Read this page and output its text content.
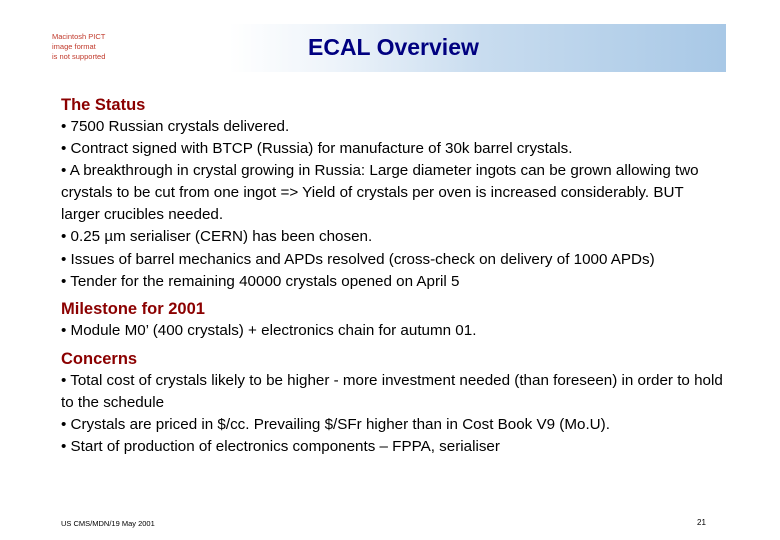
Macintosh PICT
image format
is not supported	ECAL Overview

The Status

• 7500 Russian crystals delivered.

• Contract signed with BTCP (Russia) for manufacture of 30k barrel crystals.

• A breakthrough in crystal growing in Russia: Large diameter ingots can be grown allowing two crystals to be cut from one ingot => Yield of crystals per oven is increased considerably. BUT larger crucibles needed.

• 0.25 µm serialiser (CERN) has been chosen.

• Issues of barrel mechanics and APDs resolved (cross-check on delivery of 1000 APDs)

• Tender for the remaining 40000 crystals opened on April 5

Milestone for 2001

• Module M0’ (400 crystals) + electronics chain for autumn 01.

Concerns

• Total cost of crystals likely to be higher - more investment needed (than foreseen) in order to hold to the schedule

• Crystals are priced in $/cc. Prevailing $/SFr higher than in Cost Book V9 (Mo.U).

• Start of production of electronics components – FPPA, serialiser

US CMS/MDN/19 May 2001	21
